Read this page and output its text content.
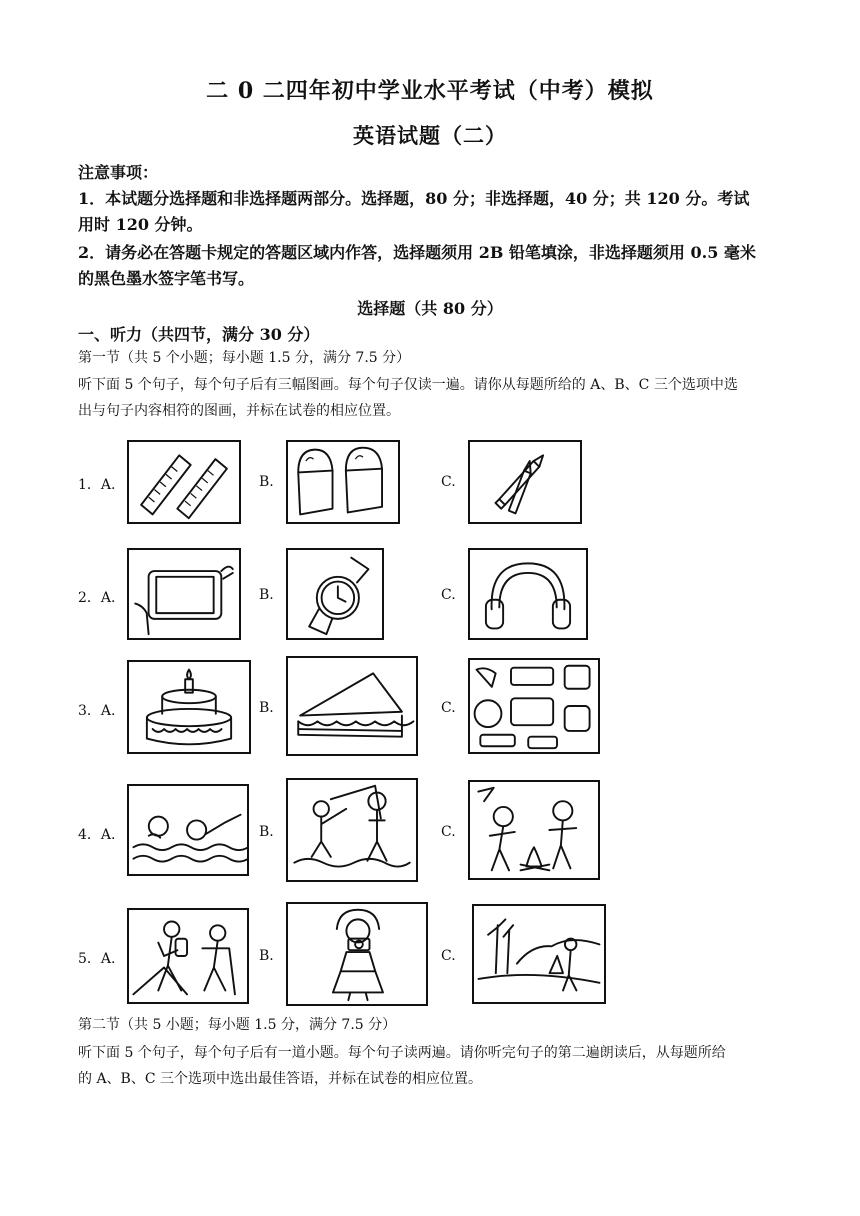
二 0 二四年初中学业水平考试（中考）模拟
英语试题（二）
注意事项：
1．本试题分选择题和非选择题两部分。选择题，80 分；非选择题，40 分；共 120 分。考试
用时 120 分钟。
2．请务必在答题卡规定的答题区域内作答，选择题须用 2B 铅笔填涂，非选择题须用 0.5 毫米
的黑色墨水签字笔书写。
选择题（共 80 分）
一、听力（共四节，满分 30 分）
第一节（共 5 个小题；每小题 1.5 分，满分 7.5 分）
听下面 5 个句子，每个句子后有三幅图画。每个句子仅读一遍。请你从每题所给的 A、B、C 三个选项中选
出与句子内容相符的图画，并标在试卷的相应位置。
1．A.	B.	C.
2．A.	B.	C.
3．A.	B.	C.
4．A.	B.	C.
5．A.	B.	C.
第二节（共 5 小题；每小题 1.5 分，满分 7.5 分）
听下面 5 个句子，每个句子后有一道小题。每个句子读两遍。请你听完句子的第二遍朗读后，从每题所给
的 A、B、C 三个选项中选出最佳答语，并标在试卷的相应位置。
